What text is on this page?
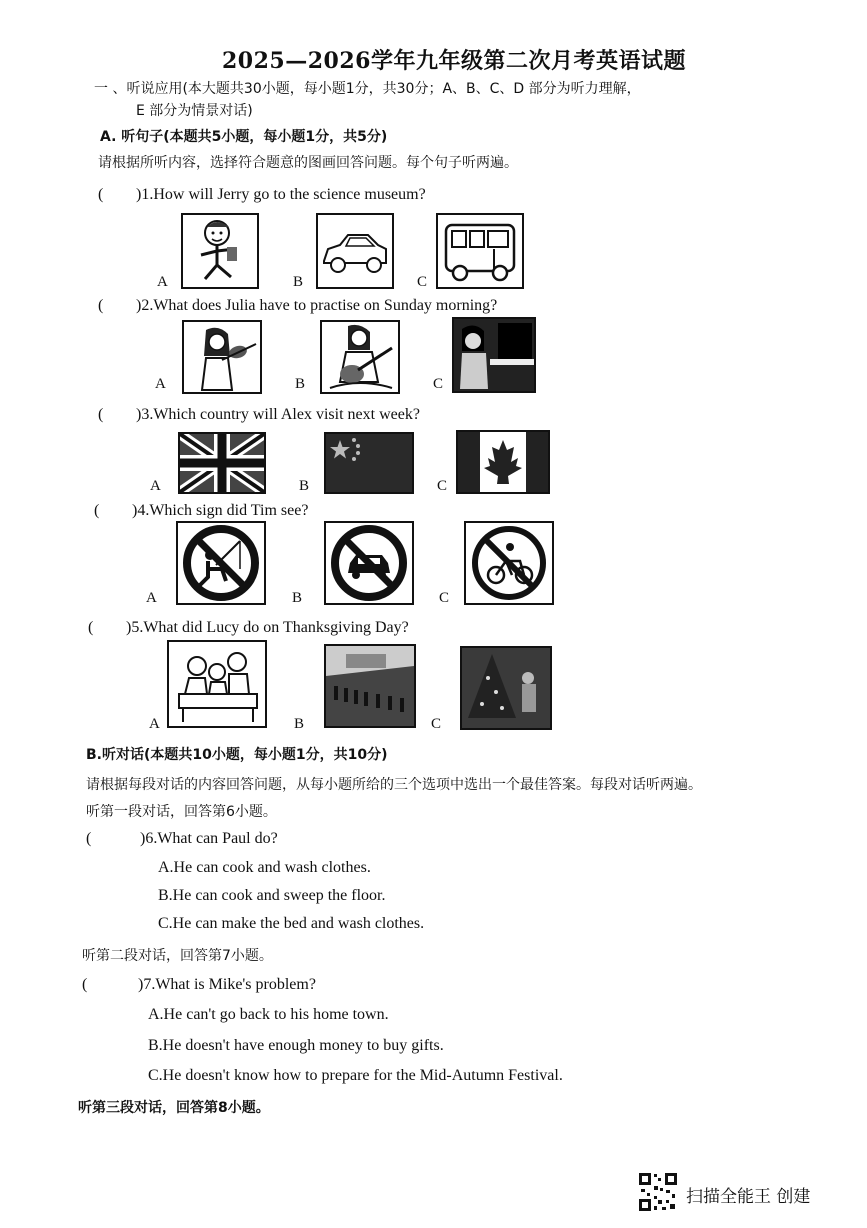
2025—2026学年九年级第二次月考英语试题
一 、听说应用(本大题共30小题，每小题1分，共30分；A、B、C、D 部分为听力理解，
E 部分为情景对话)
A. 听句子(本题共5小题，每小题1分，共5分)
请根据所听内容，选择符合题意的图画回答问题。每个句子听两遍。
( )1.How will Jerry go to the science museum?
A	B	C
( )2.What does Julia have to practise on Sunday morning?
A	B	C
( )3.Which country will Alex visit next week?
A	B	C
( )4.Which sign did Tim see?
A	B	C
( )5.What did Lucy do on Thanksgiving Day?
A	B	C
B.听对话(本题共10小题，每小题1分，共10分)
请根据每段对话的内容回答问题，从每小题所给的三个选项中选出一个最佳答案。每段对话听两遍。
听第一段对话，回答第6小题。
(	)6.What can Paul do?
A.He can cook and wash clothes.
B.He can cook and sweep the floor.
C.He can make the bed and wash clothes.
听第二段对话，回答第7小题。
(	)7.What is Mike's problem?
A.He can't go back to his home town.
B.He doesn't have enough money to buy gifts.
C.He doesn't know how to prepare for the Mid-Autumn Festival.
听第三段对话，回答第8小题。
扫描全能王 创建
